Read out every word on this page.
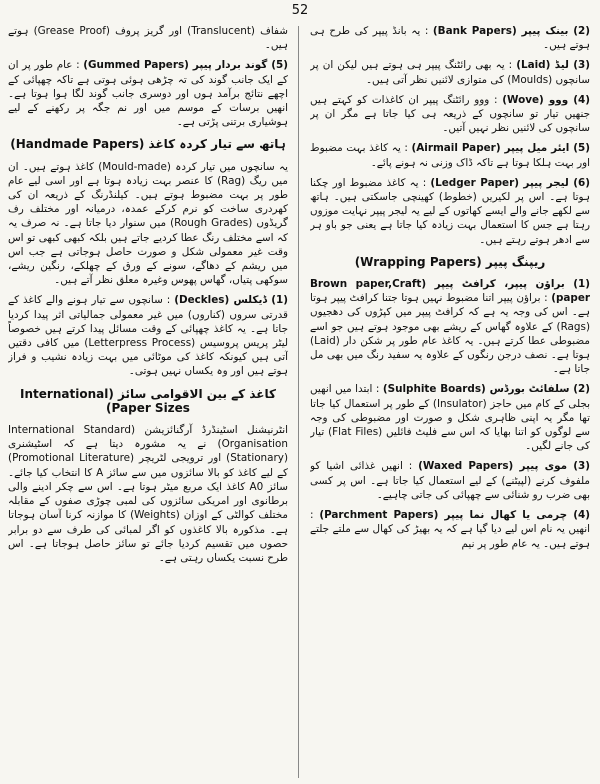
52

(2) بینک پیپر (Bank Papers) : یہ بانڈ پیپر کی طرح ہی ہوتے ہیں۔

(3) لیڈ (Laid) : یہ بھی رائٹنگ پیپر ہی ہوتے ہیں لیکن ان پر سانچوں (Moulds) کی متوازی لائنیں نظر آتی ہیں۔

(4) ووو (Wove) : ووو رائٹنگ پیپر ان کاغذات کو کہتے ہیں جنھیں تیار تو سانچوں کے ذریعہ ہی کیا جاتا ہے مگر ان پر سانچوں کی لائنیں نظر نہیں آتیں۔

(5) ایئر میل پیپر (Airmail Paper) : یہ کاغذ بہت مضبوط اور بہت ہلکا ہوتا ہے تاکہ ڈاک وزنی نہ ہونے پائے۔

(6) لیجر پیپر (Ledger Paper) : یہ کاغذ مضبوط اور چکنا ہوتا ہے۔ اس پر لکیریں (خطوط) کھینچی جاسکتی ہیں۔ ہاتھ سے لکھے جانے والے ایسے کھاتوں کے لیے یہ لیجر پیپر نہایت موزوں رہتا ہے جس کا استعمال بہت زیادہ کیا جاتا ہے یعنی جو باو ہر سے ادھر ہوتے رہتے ہیں۔

ریپنگ پیپر (Wrapping Papers)

(1) براؤن پیپر، کرافٹ پیپر (Brown paper,Craft paper) : براؤن پیپر اتنا مضبوط نہیں ہوتا جتنا کرافٹ پیپر ہوتا ہے۔ اس کی وجہ یہ ہے کہ کرافٹ پیپر میں کپڑوں کی دھجیوں (Rags) کے علاوہ گھاس کے ریشے بھی موجود ہوتے ہیں جو اسے مضبوطی عطا کرتے ہیں۔ یہ کاغذ عام طور پر شکن دار (Laid) ہوتا ہے۔ نصف درجن رنگوں کے علاوہ یہ سفید رنگ میں بھی مل جاتا ہے۔

(2) سلفائٹ بورڈس (Sulphite Boards) : ابتدا میں انھیں بجلی کے کام میں حاجز (Insulator) کے طور پر استعمال کیا جاتا تھا مگر یہ اپنی ظاہری شکل و صورت اور مضبوطی کی وجہ سے لوگوں کو اتنا بھایا کہ اس سے فلیٹ فائلیں (Flat Files) تیار کی جانے لگیں۔

(3) موی پیپر (Waxed Papers) : انھیں غذائی اشیا کو ملفوف کرنے (لپیٹنے) کے لیے استعمال کیا جاتا ہے۔ اس پر کسی بھی ضرب رو شنائی سے چھپائی کی جاتی چاہیے۔

(4) چرمی یا کھال نما پیپر (Parchment Papers) : انھیں یہ نام اس لیے دیا گیا ہے کہ یہ بھیڑ کی کھال سے ملتے جلتے ہوتے ہیں۔ یہ عام طور پر نیم

شفاف (Translucent) اور گریز پروف (Grease Proof) ہوتے ہیں۔

(5) گوند بردار پیپر (Gummed Papers) : عام طور پر ان کے ایک جانب گوند کی تہ چڑھی ہوئی ہوتی ہے تاکہ چھپائی کے اچھے نتائج برآمد ہوں اور دوسری جانب گوند لگا ہوا ہوتا ہے۔ انھیں برسات کے موسم میں اور نم جگہ پر رکھنے کے لیے ہوشیاری برتنی پڑتی ہے۔

ہاتھ سے تیار کردہ کاغذ (Handmade Papers)

یہ سانچوں میں تیار کردہ (Mould-made) کاغذ ہوتے ہیں۔ ان میں ریگ (Rag) کا عنصر بہت زیادہ ہوتا ہے اور اسی لیے عام طور پر بہت مضبوط ہوتے ہیں۔ کیلنڈرنگ کے ذریعہ ان کی کھردری ساخت کو نرم کرکے عمدہ، درمیانہ اور مختلف رف گریڈوں (Rough Grades) میں سنوار دیا جاتا ہے۔ نہ صرف یہ کہ اسے مختلف رنگ عطا کردیے جاتے ہیں بلکہ کبھی کبھی تو اس وقت غیر معمولی شکل و صورت حاصل ہوجاتی ہے جب اس میں ریشم کے دھاگے، سونے کے ورق کے چھلکے، رنگین ریشے، سوکھی پتیاں، گھاس پھوس وغیرہ معلق نظر آتے ہیں۔

(1) ڈیکلس (Deckles) : سانچوں سے تیار ہونے والے کاغذ کے قدرتی سروں (کناروں) میں غیر معمولی جمالیاتی اثر پیدا کردیا جاتا ہے۔ یہ کاغذ چھپائی کے وقت مسائل پیدا کرتے ہیں خصوصاً لیٹر پریس پروسیس (Letterpress Process) میں کافی دقتیں آتی ہیں کیونکہ کاغذ کی موٹائی میں بہت زیادہ نشیب و فراز ہوتے ہیں اور وہ یکساں نہیں ہوتی۔

کاغذ کے بین الاقوامی سائز (International Paper Sizes)

انٹرنیشنل اسٹینڈرڈ آرگنائزیشن (International Standard Organisation) نے یہ مشورہ دیتا ہے کہ اسٹیشنری (Stationary) اور ترویجی لٹریچر (Promotional Literature) کے لیے کاغذ کو بالا سائزوں میں سے سائز A کا انتخاب کیا جائے۔ سائز A0 کاغذ ایک مربع میٹر ہوتا ہے۔ اس سے چکر ادینے والی برطانوی اور امریکی سائزوں کی لمبی چوڑی صفوں کے مقابلہ مختلف کوالٹی کے اوزان (Weights) کا موازنہ کرنا آسان ہوجاتا ہے۔ مذکورہ بالا کاغذوں کو اگر لمبائی کی طرف سے دو برابر حصوں میں تقسیم کردیا جائے تو سائز حاصل ہوجاتا ہے۔ اس طرح نسبت یکساں رہتی ہے۔
